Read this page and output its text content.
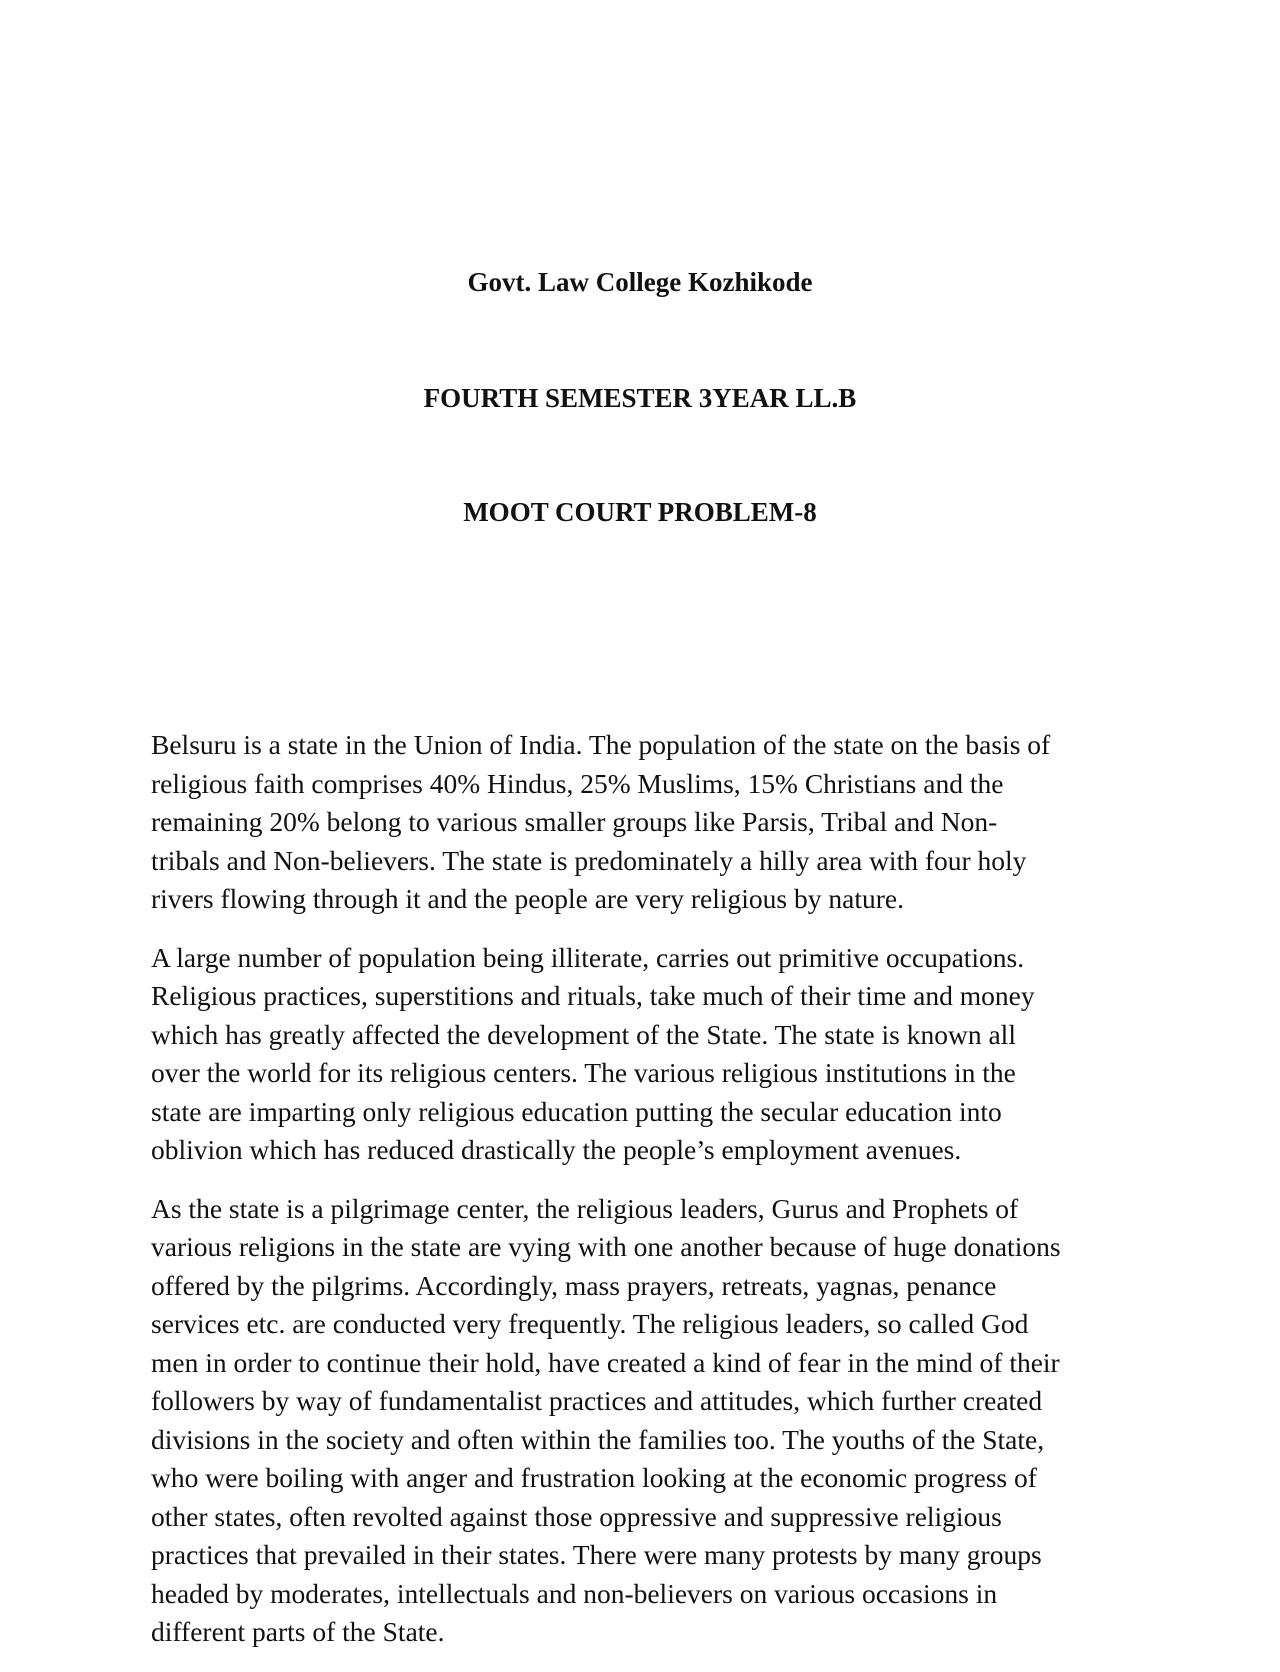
Govt. Law College Kozhikode
FOURTH SEMESTER 3YEAR LL.B
MOOT COURT PROBLEM-8

Belsuru is a state in the Union of India. The population of the state on the basis of
religious faith comprises 40% Hindus, 25% Muslims, 15% Christians and the
remaining 20% belong to various smaller groups like Parsis, Tribal and Non-
tribals and Non-believers. The state is predominately a hilly area with four holy
rivers flowing through it and the people are very religious by nature.

A large number of population being illiterate, carries out primitive occupations.
Religious practices, superstitions and rituals, take much of their time and money
which has greatly affected the development of the State. The state is known all
over the world for its religious centers. The various religious institutions in the
state are imparting only religious education putting the secular education into
oblivion which has reduced drastically the people’s employment avenues.

As the state is a pilgrimage center, the religious leaders, Gurus and Prophets of
various religions in the state are vying with one another because of huge donations
offered by the pilgrims. Accordingly, mass prayers, retreats, yagnas, penance
services etc. are conducted very frequently. The religious leaders, so called God
men in order to continue their hold, have created a kind of fear in the mind of their
followers by way of fundamentalist practices and attitudes, which further created
divisions in the society and often within the families too. The youths of the State,
who were boiling with anger and frustration looking at the economic progress of
other states, often revolted against those oppressive and suppressive religious
practices that prevailed in their states. There were many protests by many groups
headed by moderates, intellectuals and non-believers on various occasions in
different parts of the State.
